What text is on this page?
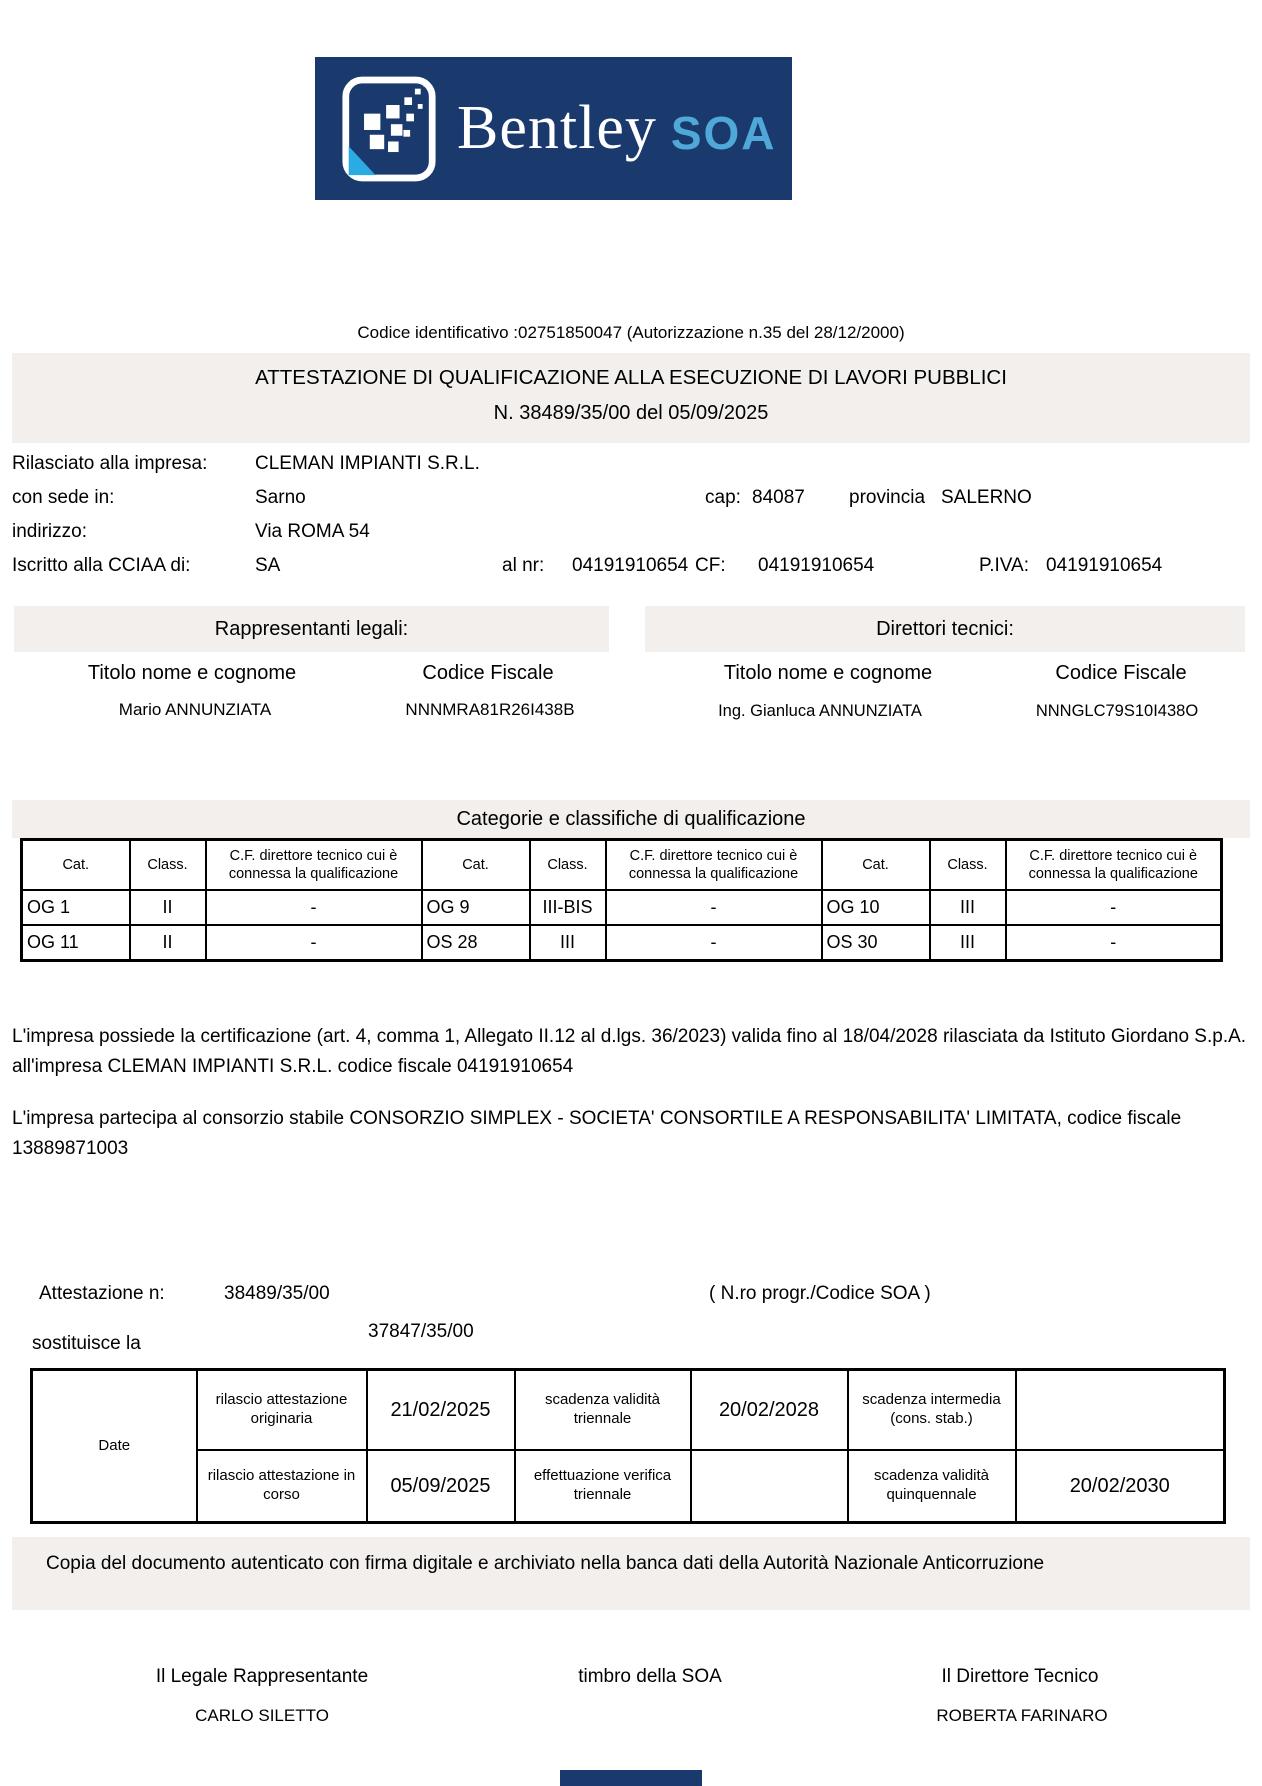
Bentley SOA
Codice identificativo :02751850047 (Autorizzazione n.35 del 28/12/2000)
ATTESTAZIONE DI QUALIFICAZIONE ALLA ESECUZIONE DI LAVORI PUBBLICI
N. 38489/35/00 del 05/09/2025
Rilasciato alla impresa:	CLEMAN IMPIANTI S.R.L.
con sede in:	Sarno	cap: 84087 provincia SALERNO
indirizzo:	Via ROMA 54
Iscritto alla CCIAA di:	SA	al nr: 04191910654 CF: 04191910654	P.IVA: 04191910654
Rappresentanti legali:
Titolo nome e cognome	Codice Fiscale
Mario ANNUNZIATA	NNNMRA81R26I438B
Direttori tecnici:
Titolo nome e cognome	Codice Fiscale
Ing. Gianluca ANNUNZIATA	NNNGLC79S10I438O
Categorie e classifiche di qualificazione
Cat.	Class.	C.F. direttore tecnico cui è connessa la qualificazione	Cat.	Class.	C.F. direttore tecnico cui è connessa la qualificazione	Cat.	Class.	C.F. direttore tecnico cui è connessa la qualificazione
OG 1	II	-	OG 9	III-BIS	-	OG 10	III	-
OG 11	II	-	OS 28	III	-	OS 30	III	-
L'impresa possiede la certificazione (art. 4, comma 1, Allegato II.12 al d.lgs. 36/2023) valida fino al 18/04/2028 rilasciata da Istituto Giordano S.p.A. all'impresa CLEMAN IMPIANTI S.R.L. codice fiscale 04191910654
L'impresa partecipa al consorzio stabile CONSORZIO SIMPLEX - SOCIETA' CONSORTILE A RESPONSABILITA' LIMITATA, codice fiscale 13889871003
Attestazione n:	38489/35/00	( N.ro progr./Codice SOA )
sostituisce la
37847/35/00
Date	rilascio attestazione originaria	21/02/2025	scadenza validità triennale	20/02/2028	scadenza intermedia (cons. stab.)	
	rilascio attestazione in corso	05/09/2025	effettuazione verifica triennale		scadenza validità quinquennale	20/02/2030
Copia del documento autenticato con firma digitale e archiviato nella banca dati della Autorità Nazionale Anticorruzione
Il Legale Rappresentante	timbro della SOA	Il Direttore Tecnico
CARLO SILETTO	ROBERTA FARINARO
